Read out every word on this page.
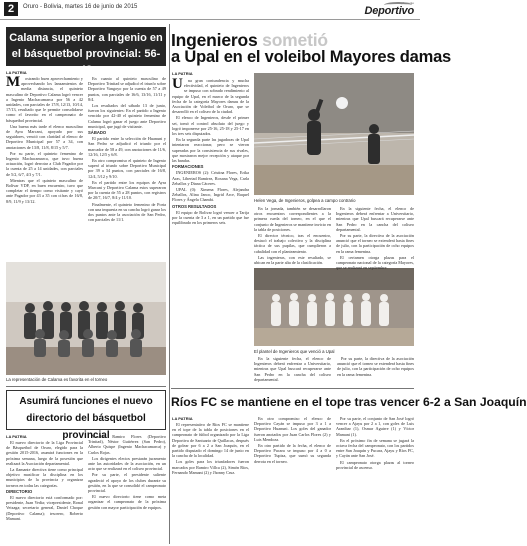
2	Oruro - Bolivia, martes 16 de junio de 2015
Suplemento
Deportivo
Calama superior a Ingenio en
el básquetbol provincial: 56-42
LA PATRIA
M	ostrando buen aprovechamiento y aprovechando los lanzamientos de media distancia, el quinteto masculino de Deportivo Calama logró vencer a Ingenio Machacamarca por 56 a 42 unidades, con parciales de 17/8, 12/13, 10/14, 17/13, resultado que le permite consolidarse como el favorito en el campeonato de básquetbol provincial.

Una buena más tarde el elenco masculino de Ayra Marcani, apoyado por sus seguidores, venció con claridad al elenco de Deportivo Municipal por 57 a 34, con anotaciones de 13/8, 11/8, 8/15 y 5/7.

Por su parte, el quinteto femenino de Ingenio Machacamarca, que tuvo buena actuación, logró derrotar a Club Pagador por la cuenta de 25 a 14 unidades, con parciales de 5/2, 6/7, 4/3 y 7/1.

Mientras que el quinteto masculino de Bolívar VDP, en buen encuentro, tuvo que completar el tiempo como visitante y cayó ante Pagador por 43 a 35 con cifras de 16/8, 8/9, 11/9 y 13/12.

En cuanto al quinteto masculino de Deportivo Trinitad se adjudicó el triunfo sobre Deportivo Vangoyo por la cuenta de 57 a 49 puntos, con parciales de 16/6, 13/16, 11/11 y 8/4.

Los resultados del sábado 13 de junio, fueron los siguientes: En el partido a Ingenio vencido por 42-40 el quinteto femenino de Calama logró ganar el juego ante Deportivo municipal, que jugó de visitante.

SÁBADO

El partido entre la selección de Huanuni y San Pedro se adjudicó el triunfo por el marcador de 58 a 49, con anotaciones de 11/6, 12/16, 12/5 y 6/8.

En otro compromiso el quinteto de Ingenio superó al triunfo sobre Deportivo Municipal por 39 a 34 puntos, con parciales de 16/8, 12/4, 5/12 y 9/10.

En el partido entre los equipos de Ayra Marcani y Deportivo Calama estos superaron por la cuenta de 55 a 28 puntos, con registros de 20/7, 16/7, 8/4 y 11/10.

Finalmente, el quinteto femenino de Porta con una impuesta en su cancha logró ganar los dos puntos ante la asociación de San Pedro, con parciales de 11/1.

La representación de Calama es favorita en el torneo
Ingenieros sometió
a Upal en el voleibol Mayores damas
LA PATRIA
U	na gran contundencia y mucha efectividad, el quinteto de Ingenieros se impuso con sobrado rendimiento al equipo de Upal, en el marco de la segunda fecha de la categoría Mayores damas de la Asociación de Voleibol de Oruro, que se desarrolló en el coliseo de la ciudad.

El elenco de Ingenieros, desde el primer set, tomó el control absoluto del juego y logró imponerse por 25-16, 25-18 y 25-17 en los tres sets disputados.

En la segunda parte las jugadoras de Upal intentaron reaccionar, pero se vieron superadas por la consistencia de sus rivales, que mostraron mejor recepción y ataque por las bandas.

FORMACIONES

INGENIEROS (2): Cristina Flores, Erika Aras, Libertad Ramírez, Roxana Vega, Carla Zeballos y Diana Cáceres.

UPAL (0): Ximena Flores, Alejandra Zeballos, Alina Janco, Ingrid Arce, Raquel Flores y Ángela Chambi.

OTROS RESULTADOS

El equipo de Bolivar logró vencer a Tarija por la cuenta de 3 a 1, en un partido que fue equilibrado en los primeros sets.

Helen Vega, de Ingenieros, golpea a campo contrario

En la jornada, también se desarrollaron otros encuentros correspondientes a la primera rueda del torneo, en el que el conjunto de Ingenieros se mantiene invicto en la tabla de posiciones.

El director técnico, tras el encuentro, destacó el trabajo colectivo y la disciplina táctica de sus pupilas, que cumplieron a cabalidad con el planteamiento.

Las ingenieras, con este resultado, se ubican en la parte alta de la clasificación.

El plantel de Ingenieros que venció a Upal

En la siguiente fecha, el elenco de Ingenieros deberá enfrentar a Universitario, mientras que Upal buscará recuperarse ante San Pedro en la cancha del coliseo departamental.

Por su parte, la directiva de la asociación anunció que el torneo se extenderá hasta fines de julio, con la participación de ocho equipos en la rama femenina.

El certamen otorga plazas para el campeonato nacional de la categoría Mayores, que se realizará en septiembre.

En la siguiente fecha, el elenco de Ingenieros deberá enfrentar a Universitario, mientras que Upal buscará recuperarse ante San Pedro en la cancha del coliseo departamental.

Por su parte, la directiva de la asociación anunció que el torneo se extenderá hasta fines de julio, con la participación de ocho equipos en la rama femenina.

Asumirá funciones el nuevo
directorio del básquetbol provincial
LA PATRIA

El nuevo directorio de la Liga Provincial de Básquetbol de Oruro, elegido para la gestión 2015-2016, asumirá funciones en la próxima semana, luego de la posesión que realizará la Asociación departamental.

La flamante directiva tiene como principal objetivo masificar la disciplina en los municipios de la provincia y organizar torneos en todas las categorías.

DIRECTORIO

El nuevo directorio está conformado por: presidente, Juan Vedia; vicepresidente, Ronal Veizaga; secretario general, Daniel Choque (Deportivo Calama); tesorero, Roberto Mamani.

Vocales: Ramiro Flores (Deportivo Trinitad), Néstor Gutiérrez (San Pedro), Alberto Quispe (Ingenio Machacamarca) y Carlos Rojas.

Los dirigentes electos prestarán juramento ante las autoridades de la asociación, en un acto que se realizará en el coliseo provincial.

Por su parte, el presidente saliente agradeció el apoyo de los clubes durante su gestión, en la que se consolidó el campeonato provincial.

El nuevo directorio tiene como meta organizar el campeonato de la próxima gestión con mayor participación de equipos.

Ríos FC se mantiene en el tope tras vencer 6-2 a San Joaquín
LA PATRIA

El representativo de Ríos FC se mantiene en el tope de la tabla de posiciones en el campeonato de fútbol organizado por la Liga Deportiva de Santuario de Quillacas, después de golear por 6 a 2 a San Joaquín, en el partido disputado el domingo 14 de junio en la cancha de la localidad.

Los goles para los triunfadores fueron marcados por Ramiro Villca (2), Simón Ríos, Fernando Mamani (2) y Jhonny Cruz.

En otro compromiso el elenco de Deportivo Cayán se impuso por 3 a 1 a Deportivo Huanuni. Los goles del ganador fueron anotados por Juan Carlos Flores (2) y Luis Mendoza.

En otro partido de la fecha, el elenco de Deportivo Pucara se impuso por 4 a 0 a Deportivo Tupiza, que sumó su segunda derrota en el torneo.

Por su parte, el conjunto de San José logró vencer a Ajayu por 2 a 1, con goles de Luis Aranibar (1), Osmar Aguirre (1) y Víctor Mamani (1).

En el próximo fin de semana se jugará la octava fecha del campeonato, con los partidos entre San Joaquín y Pucara, Ajayu y Ríos FC, y Cayán ante San José.

El campeonato otorga plazas al torneo provincial de ascenso.
